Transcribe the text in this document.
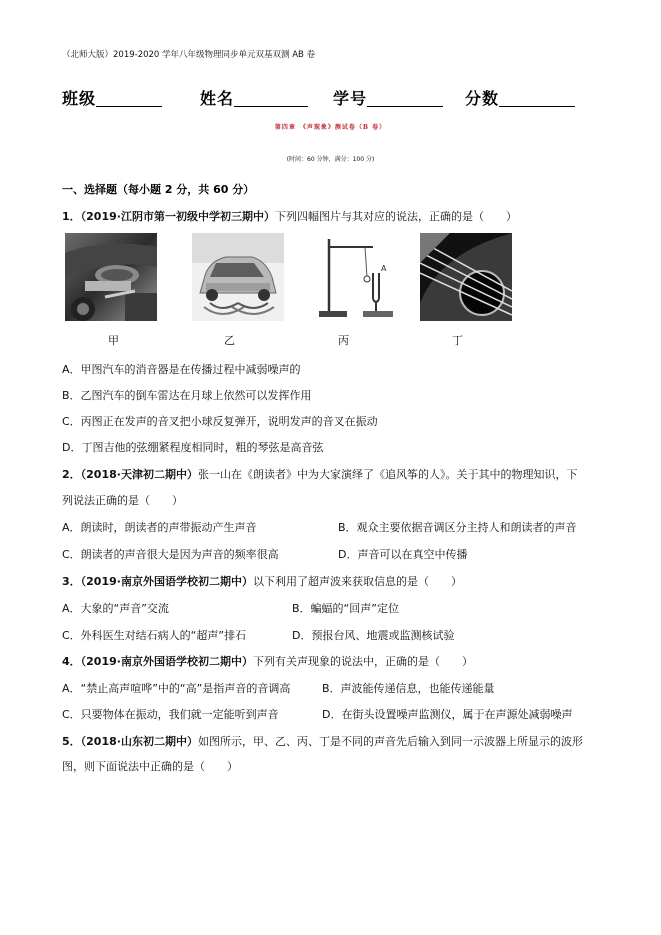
（北师大版）2019-2020 学年八年级物理同步单元双基双测 AB 卷
班级	姓名	学号	分数
第四章　《声现象》测试卷（B 卷）
(时间：60 分钟，满分：100 分)
一、选择题（每小题 2 分，共 60 分）
1．（2019·江阴市第一初级中学初三期中）下列四幅图片与其对应的说法，正确的是（　　）
A
甲	乙	丙	丁
A．甲图汽车的消音器是在传播过程中减弱噪声的
B．乙图汽车的倒车雷达在月球上依然可以发挥作用
C．丙图正在发声的音叉把小球反复弹开，说明发声的音叉在振动
D．丁图吉他的弦绷紧程度相同时，粗的琴弦是高音弦
2．（2018·天津初二期中）张一山在《朗读者》中为大家演绎了《追风筝的人》。关于其中的物理知识，下
列说法正确的是（　　）
A．朗读时，朗读者的声带振动产生声音	B．观众主要依据音调区分主持人和朗读者的声音
C．朗读者的声音很大是因为声音的频率很高	D．声音可以在真空中传播
3．（2019·南京外国语学校初二期中）以下利用了超声波来获取信息的是（　　）
A．大象的“声音”交流	B．蝙蝠的“回声”定位
C．外科医生对结石病人的“超声”排石	D．预报台风、地震或监测核试验
4．（2019·南京外国语学校初二期中）下列有关声现象的说法中，正确的是（　　）
A．“禁止高声喧哗”中的“高”是指声音的音调高	B．声波能传递信息，也能传递能量
C．只要物体在振动，我们就一定能听到声音	D．在街头设置噪声监测仪，属于在声源处减弱噪声
5．（2018·山东初二期中）如图所示，甲、乙、丙、丁是不同的声音先后输入到同一示波器上所显示的波形
图，则下面说法中正确的是（　　）
